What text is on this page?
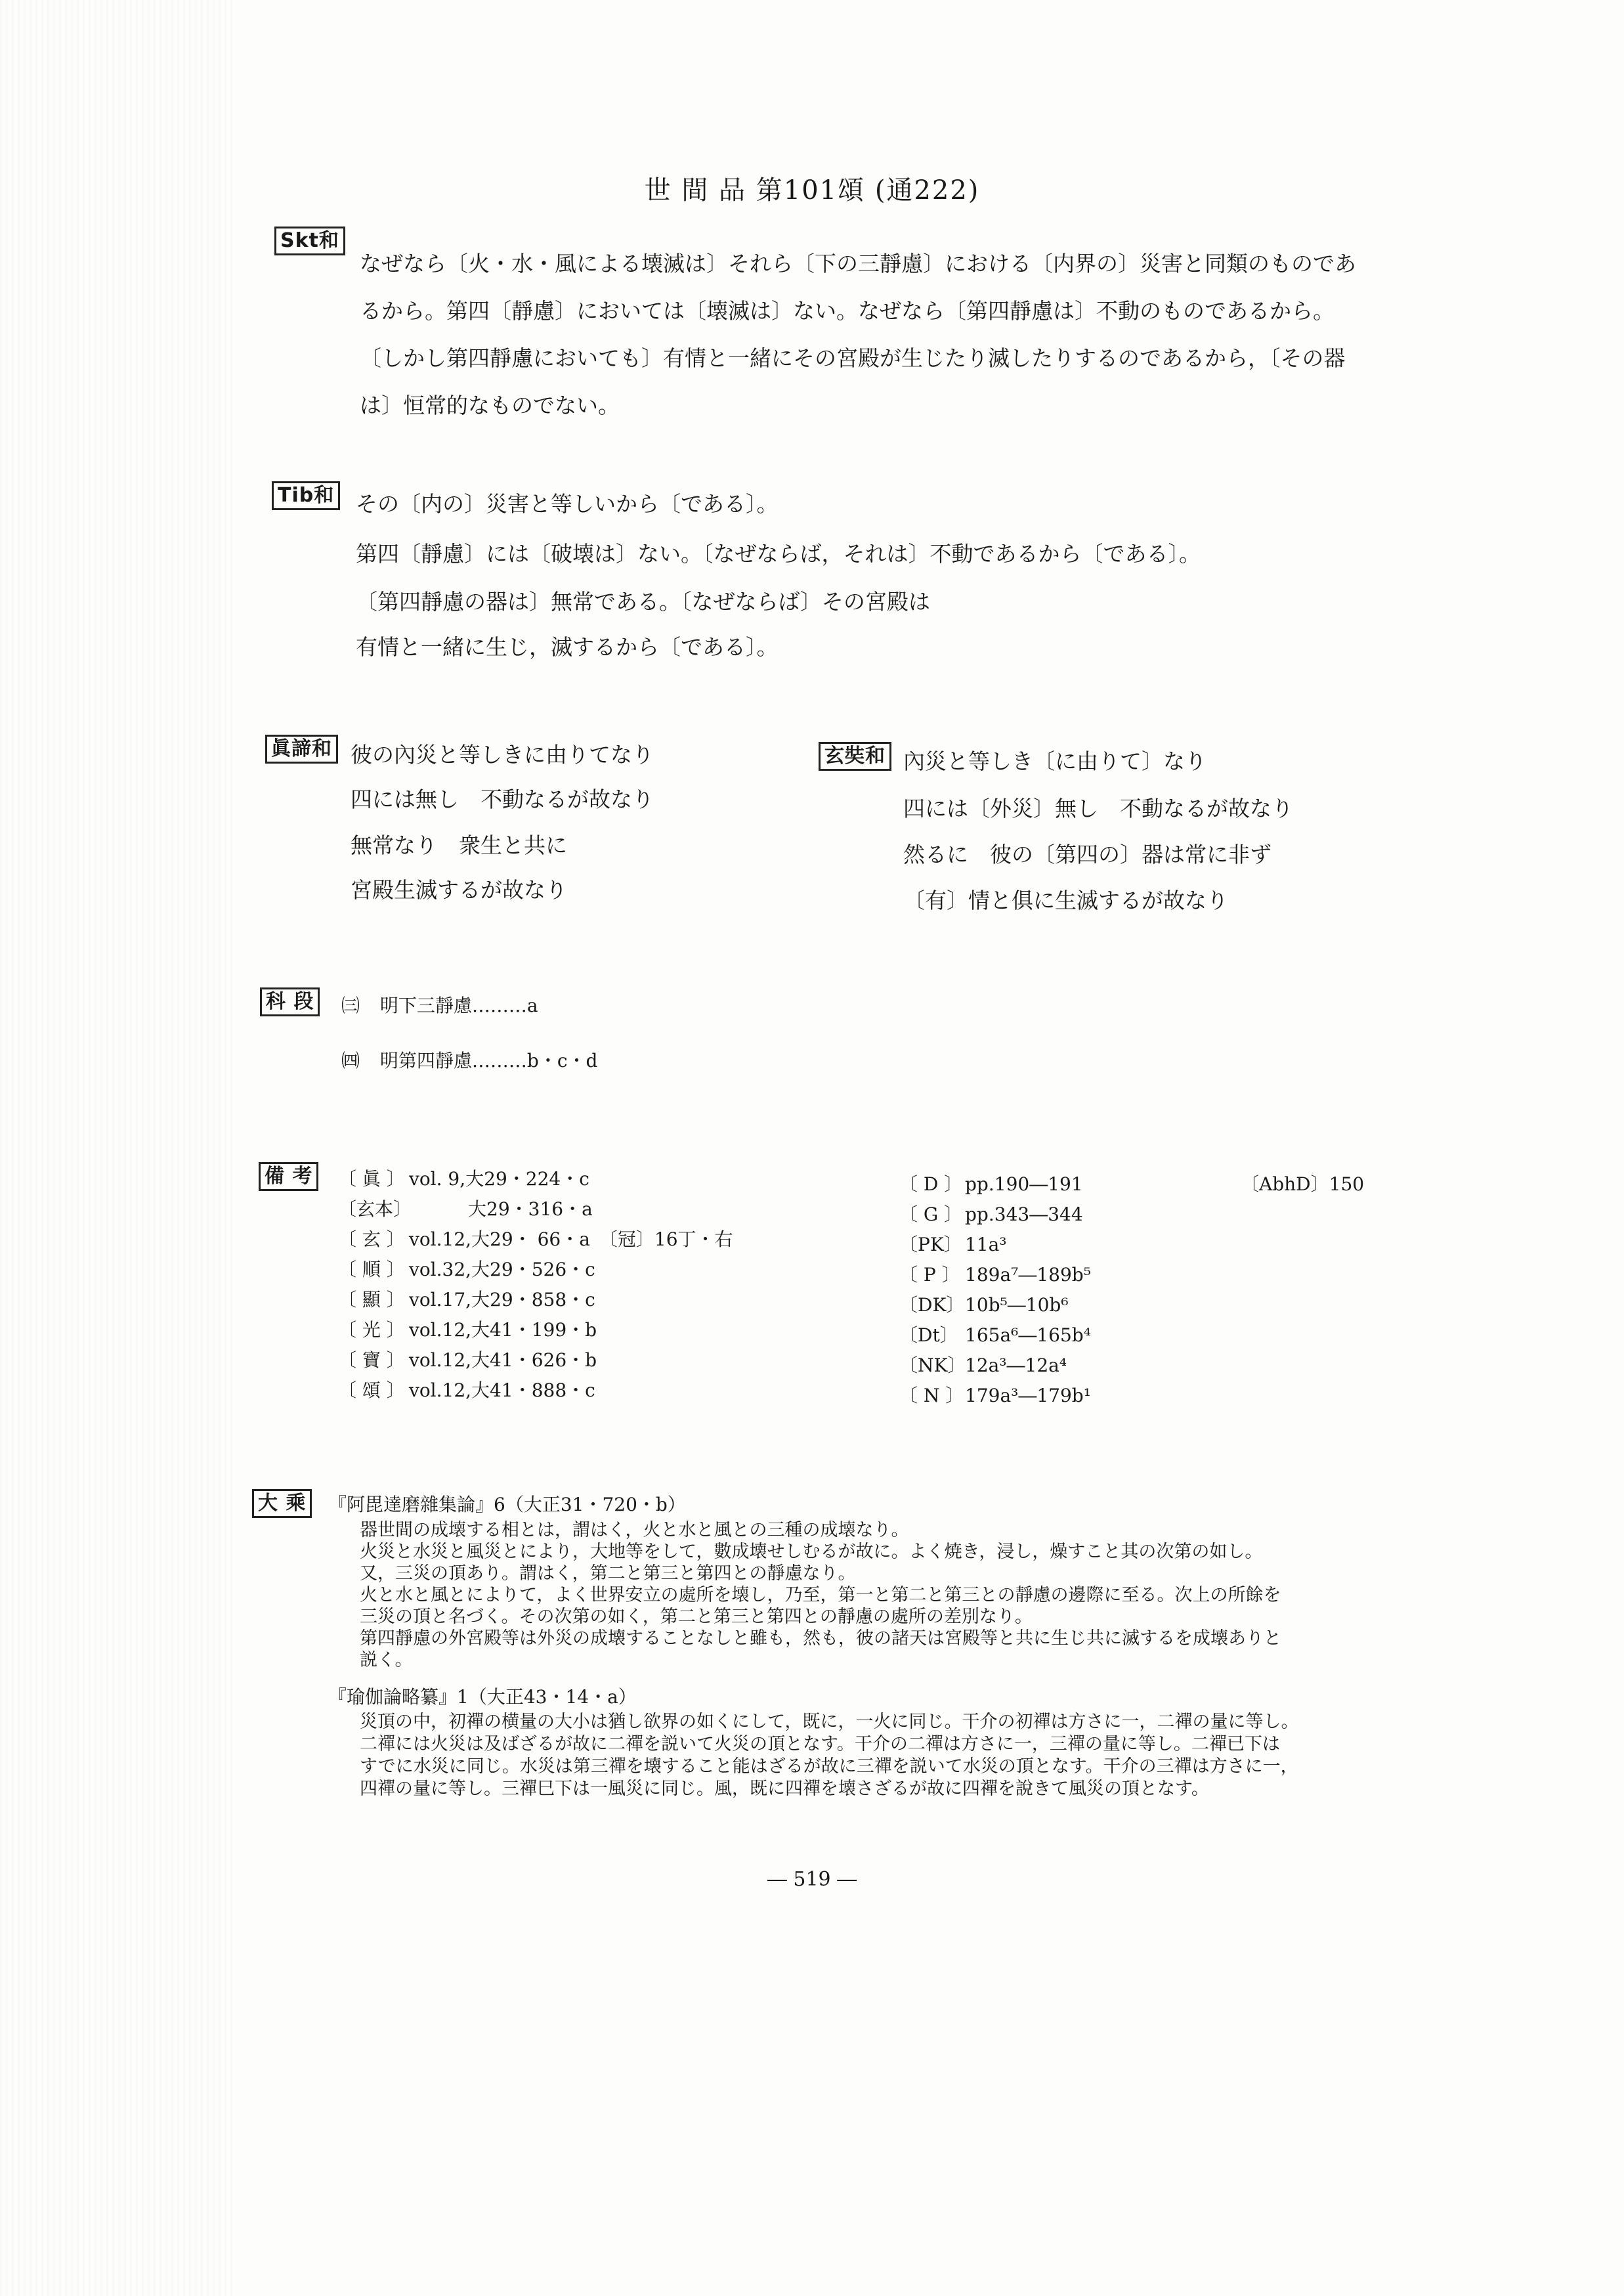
世 間 品 第101頌 (通222)
Skt和
なぜなら〔火・水・風による壊滅は〕それら〔下の三靜慮〕における〔内界の〕災害と同類のものであ
るから。第四〔靜慮〕においては〔壊滅は〕ない。なぜなら〔第四靜慮は〕不動のものであるから。
〔しかし第四靜慮においても〕有情と一緒にその宮殿が生じたり滅したりするのであるから，〔その器
は〕恒常的なものでない。
Tib和 その〔内の〕災害と等しいから〔である〕。
第四〔靜慮〕には〔破壊は〕ない。〔なぜならば，それは〕不動であるから〔である〕。
〔第四靜慮の器は〕無常である。〔なぜならば〕その宮殿は
有情と一緒に生じ，滅するから〔である〕。
眞諦和 彼の內災と等しきに由りてなり
四には無し　不動なるが故なり
無常なり　衆生と共に
宮殿生滅するが故なり
玄奘和 內災と等しき〔に由りて〕なり
四には〔外災〕無し　不動なるが故なり
然るに　彼の〔第四の〕器は常に非ず
〔有〕情と俱に生滅するが故なり
科 段	㈢ 明下三靜慮………a
㈣ 明第四靜慮………b・c・d
備 考	〔 眞 〕 vol. 9,大29・224・c
〔玄本〕	大29・316・a
〔 玄 〕 vol.12,大29・ 66・a　〔冠〕16丁・右
〔 順 〕 vol.32,大29・526・c
〔 顯 〕 vol.17,大29・858・c
〔 光 〕 vol.12,大41・199・b
〔 寶 〕 vol.12,大41・626・b
〔 頌 〕 vol.12,大41・888・c
〔 D 〕 pp.190―191
〔 G 〕 pp.343―344
〔PK〕 11a³
〔 P 〕 189a⁷―189b⁵
〔DK〕10b⁵―10b⁶
〔Dt〕 165a⁶―165b⁴
〔NK〕12a³―12a⁴
〔 N 〕179a³―179b¹
〔AbhD〕150
大 乘	『阿毘達磨雜集論』6（大正31・720・b）
器世間の成壊する相とは，謂はく，火と水と風との三種の成壊なり。
火災と水災と風災とにより，大地等をして，數成壊せしむるが故に。よく焼き，浸し，燥すこと其の次第の如し。
又，三災の頂あり。謂はく，第二と第三と第四との靜慮なり。
火と水と風とによりて，よく世界安立の處所を壊し，乃至，第一と第二と第三との靜慮の邊際に至る。次上の所餘を
三災の頂と名づく。その次第の如く，第二と第三と第四との靜慮の處所の差別なり。
第四靜慮の外宮殿等は外災の成壊することなしと雖も，然も，彼の諸天は宮殿等と共に生じ共に滅するを成壊ありと
説く。
『瑜伽論略纂』1（大正43・14・a）
災頂の中，初禪の横量の大小は猶し欲界の如くにして，既に，一火に同じ。干介の初禪は方さに一，二禪の量に等し。
二禪には火災は及ばざるが故に二禪を説いて火災の頂となす。干介の二禪は方さに一，三禪の量に等し。二禪已下は
すでに水災に同じ。水災は第三禪を壊すること能はざるが故に三禪を説いて水災の頂となす。干介の三禪は方さに一，
四禪の量に等し。三禪巳下は一風災に同じ。風，既に四禪を壊さざるが故に四禪を說きて風災の頂となす。
― 519 ―
